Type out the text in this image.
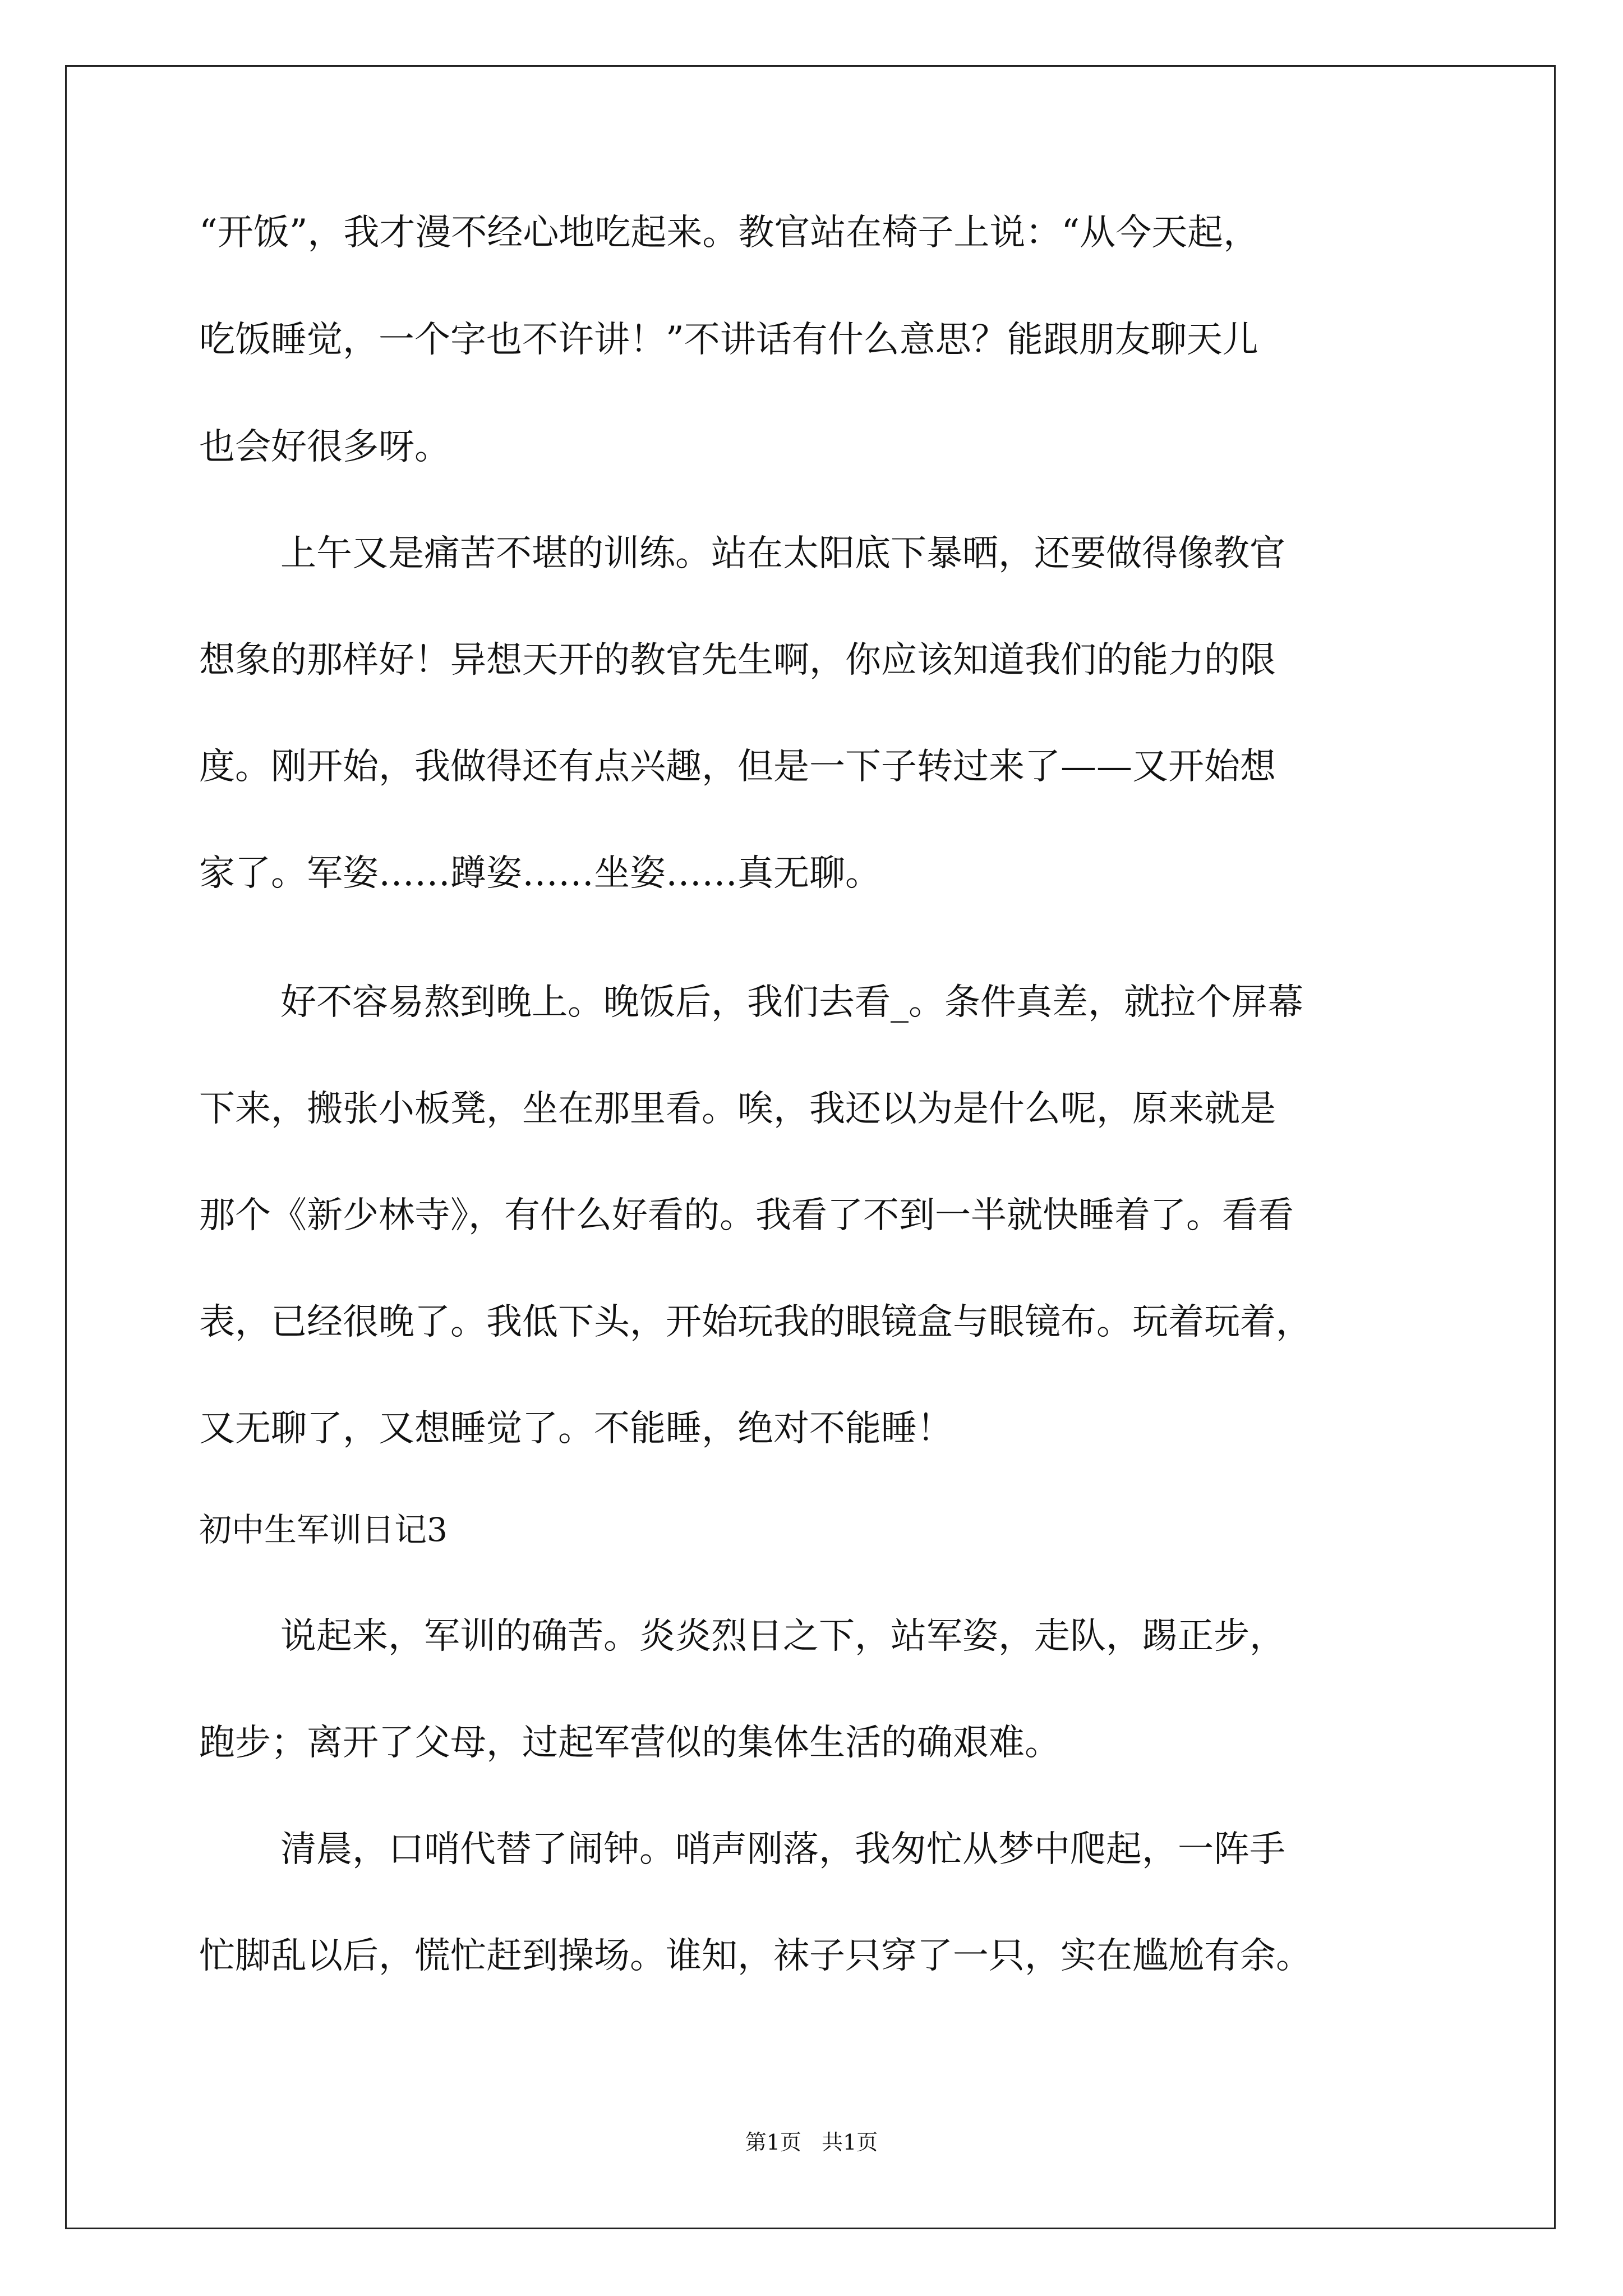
“开饭”，我才漫不经心地吃起来。教官站在椅子上说：“从今天起，
吃饭睡觉，一个字也不许讲！”不讲话有什么意思？能跟朋友聊天儿
也会好很多呀。
上午又是痛苦不堪的训练。站在太阳底下暴晒，还要做得像教官
想象的那样好！异想天开的教官先生啊，你应该知道我们的能力的限
度。刚开始，我做得还有点兴趣，但是一下子转过来了——又开始想
家了。军姿……蹲姿……坐姿……真无聊。
好不容易熬到晚上。晚饭后，我们去看_。条件真差，就拉个屏幕
下来，搬张小板凳，坐在那里看。唉，我还以为是什么呢，原来就是
那个《新少林寺》，有什么好看的。我看了不到一半就快睡着了。看看
表，已经很晚了。我低下头，开始玩我的眼镜盒与眼镜布。玩着玩着，
又无聊了，又想睡觉了。不能睡，绝对不能睡！
初中生军训日记3
说起来，军训的确苦。炎炎烈日之下，站军姿，走队，踢正步，
跑步；离开了父母，过起军营似的集体生活的确艰难。
清晨，口哨代替了闹钟。哨声刚落，我匆忙从梦中爬起，一阵手
忙脚乱以后，慌忙赶到操场。谁知，袜子只穿了一只，实在尴尬有余。
第1页   共1页
